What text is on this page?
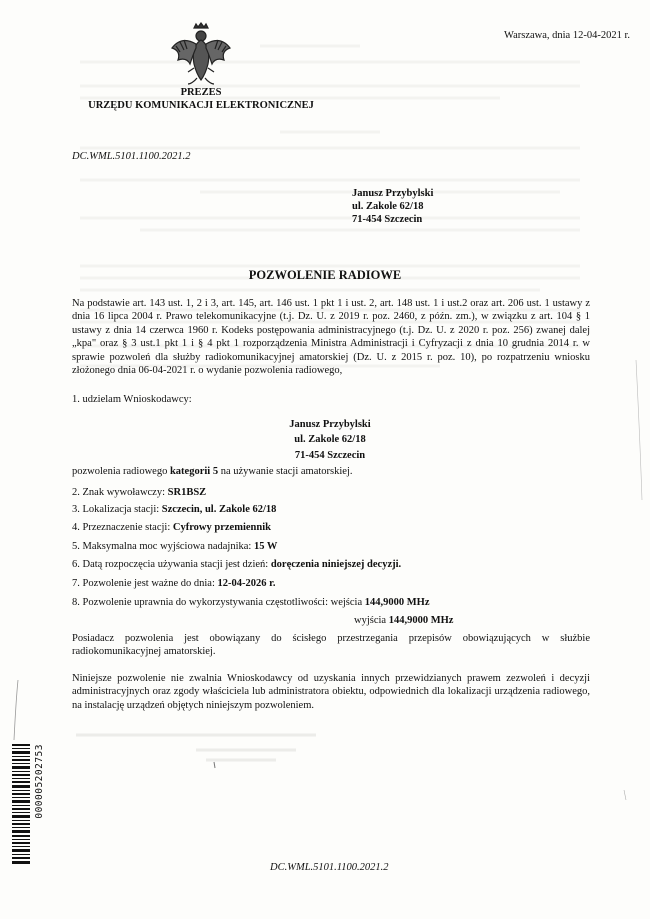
Warszawa, dnia 12-04-2021 r.
PREZES
URZĘDU KOMUNIKACJI ELEKTRONICZNEJ
DC.WML.5101.1100.2021.2
Janusz Przybylski
ul. Zakole 62/18
71-454 Szczecin
POZWOLENIE RADIOWE
Na podstawie art. 143 ust. 1, 2 i 3, art. 145, art. 146 ust. 1 pkt 1 i ust. 2, art. 148 ust. 1 i ust.2 oraz art. 206 ust. 1 ustawy z dnia 16 lipca 2004 r. Prawo telekomunikacyjne (t.j. Dz. U. z 2019 r. poz. 2460, z późn. zm.), w związku z art. 104 § 1 ustawy z dnia 14 czerwca 1960 r. Kodeks postępowania administracyjnego (t.j. Dz. U. z 2020 r. poz. 256) zwanej dalej „kpa" oraz § 3 ust.1 pkt 1 i § 4 pkt 1 rozporządzenia Ministra Administracji i Cyfryzacji z dnia 10 grudnia 2014 r. w sprawie pozwoleń dla służby radiokomunikacyjnej amatorskiej (Dz. U. z 2015 r. poz. 10), po rozpatrzeniu wniosku złożonego dnia 06-04-2021 r. o wydanie pozwolenia radiowego,
1. udzielam Wnioskodawcy:
Janusz Przybylski
ul. Zakole 62/18
71-454 Szczecin
pozwolenia radiowego kategorii 5 na używanie stacji amatorskiej.
2. Znak wywoławczy: SR1BSZ
3. Lokalizacja stacji: Szczecin, ul. Zakole 62/18
4. Przeznaczenie stacji: Cyfrowy przemiennik
5. Maksymalna moc wyjściowa nadajnika: 15 W
6. Datą rozpoczęcia używania stacji jest dzień: doręczenia niniejszej decyzji.
7. Pozwolenie jest ważne do dnia: 12-04-2026 r.
8. Pozwolenie uprawnia do wykorzystywania częstotliwości: wejścia 144,9000 MHz
wyjścia 144,9000 MHz
Posiadacz pozwolenia jest obowiązany do ścisłego przestrzegania przepisów obowiązujących w służbie radiokomunikacyjnej amatorskiej.
Niniejsze pozwolenie nie zwalnia Wnioskodawcy od uzyskania innych przewidzianych prawem zezwoleń i decyzji administracyjnych oraz zgody właściciela lub administratora obiektu, odpowiednich dla lokalizacji urządzenia radiowego, na instalację urządzeń objętych niniejszym pozwoleniem.
00000520275З
DC.WML.5101.1100.2021.2
